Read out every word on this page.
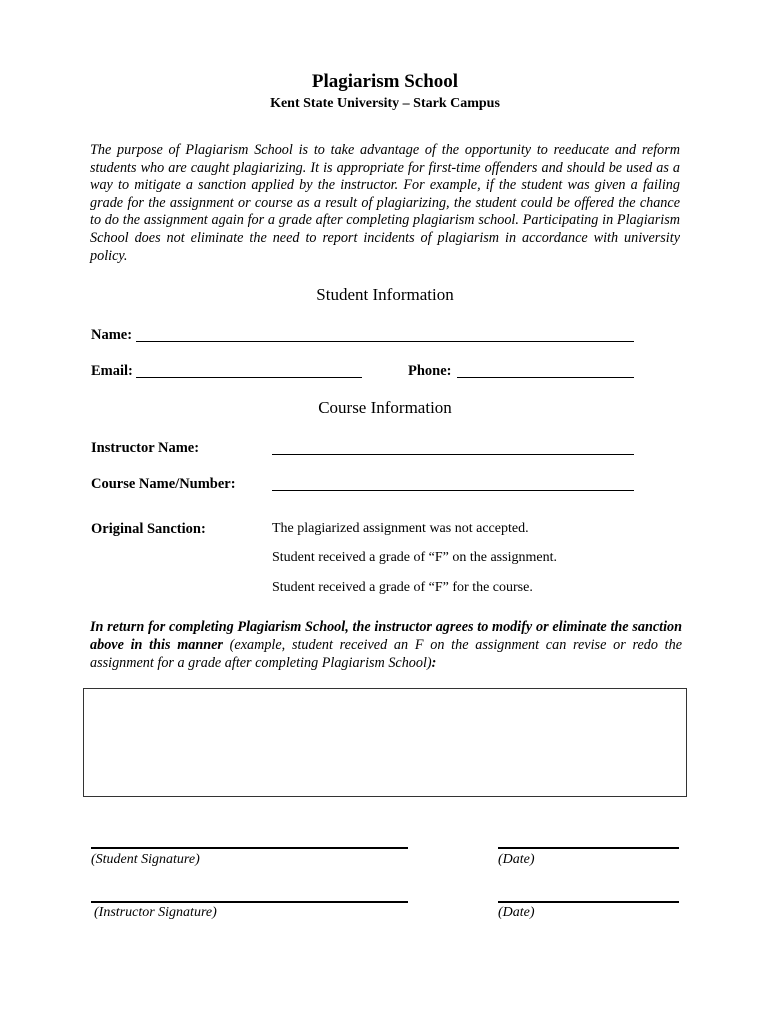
Plagiarism School
Kent State University – Stark Campus
The purpose of Plagiarism School is to take advantage of the opportunity to reeducate and reform students who are caught plagiarizing. It is appropriate for first-time offenders and should be used as a way to mitigate a sanction applied by the instructor. For example, if the student was given a failing grade for the assignment or course as a result of plagiarizing, the student could be offered the chance to do the assignment again for a grade after completing plagiarism school. Participating in Plagiarism School does not eliminate the need to report incidents of plagiarism in accordance with university policy.
Student Information
Name:
Email:	Phone:
Course Information
Instructor Name:
Course Name/Number:
Original Sanction:	The plagiarized assignment was not accepted.
Student received a grade of “F” on the assignment.
Student received a grade of “F” for the course.
In return for completing Plagiarism School, the instructor agrees to modify or eliminate the sanction above in this manner (example, student received an F on the assignment can revise or redo the assignment for a grade after completing Plagiarism School):
(Student Signature)	(Date)
(Instructor Signature)	(Date)
